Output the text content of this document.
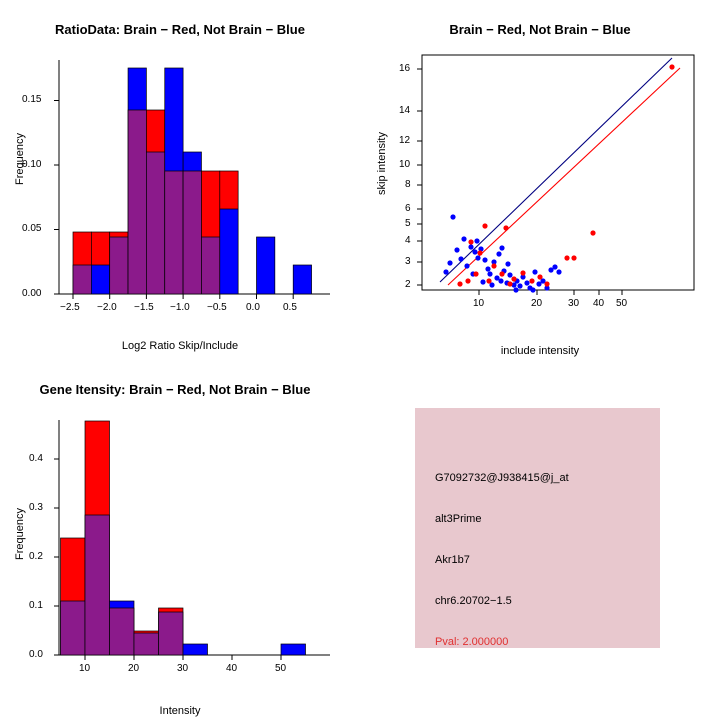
RatioData: Brain − Red, Not Brain − Blue
Frequency
Log2 Ratio Skip/Include
0.00
0.05
0.10
0.15
−2.5 −2.0 −1.5 −1.0 −0.5 0.0 0.5
Brain − Red, Not Brain − Blue
skip intensity
include intensity
2
3
4
5
6
8
10
12
14
16
10	20	30 40 50
Gene Itensity: Brain − Red, Not Brain − Blue
Frequency
Intensity
0.0
0.1
0.2
0.3
0.4
10	20	30	40	50
G7092732@J938415@j_at
alt3Prime
Akr1b7
chr6.20702−1.5
Pval: 2.000000
